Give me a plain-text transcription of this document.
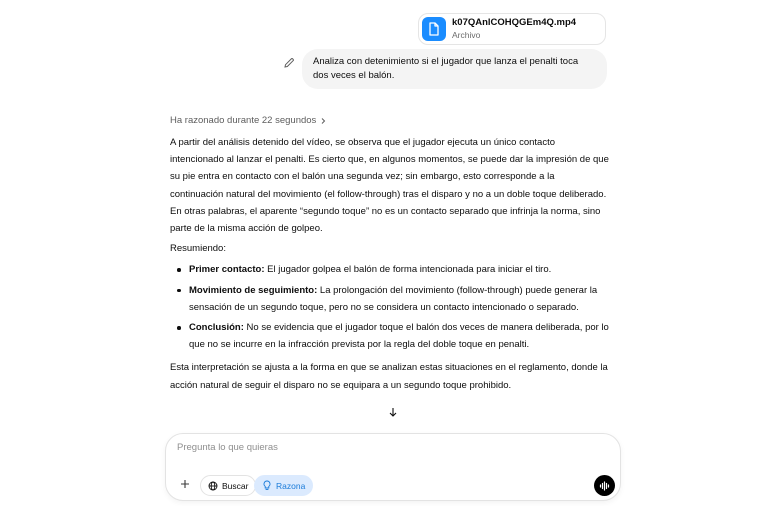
k07QAnlCOHQGEm4Q.mp4
Archivo
Analiza con detenimiento si el jugador que lanza el penalti toca dos veces el balón.
Ha razonado durante 22 segundos

A partir del análisis detenido del vídeo, se observa que el jugador ejecuta un único contacto intencionado al lanzar el penalti. Es cierto que, en algunos momentos, se puede dar la impresión de que su pie entra en contacto con el balón una segunda vez; sin embargo, esto corresponde a la continuación natural del movimiento (el follow-through) tras el disparo y no a un doble toque deliberado. En otras palabras, el aparente “segundo toque” no es un contacto separado que infrinja la norma, sino parte de la misma acción de golpeo.

Resumiendo:

Primer contacto: El jugador golpea el balón de forma intencionada para iniciar el tiro.
Movimiento de seguimiento: La prolongación del movimiento (follow-through) puede generar la sensación de un segundo toque, pero no se considera un contacto intencionado o separado.
Conclusión: No se evidencia que el jugador toque el balón dos veces de manera deliberada, por lo que no se incurre en la infracción prevista por la regla del doble toque en penalti.

Esta interpretación se ajusta a la forma en que se analizan estas situaciones en el reglamento, donde la acción natural de seguir el disparo no se equipara a un segundo toque prohibido.

Pregunta lo que quieras
Buscar	Razona
